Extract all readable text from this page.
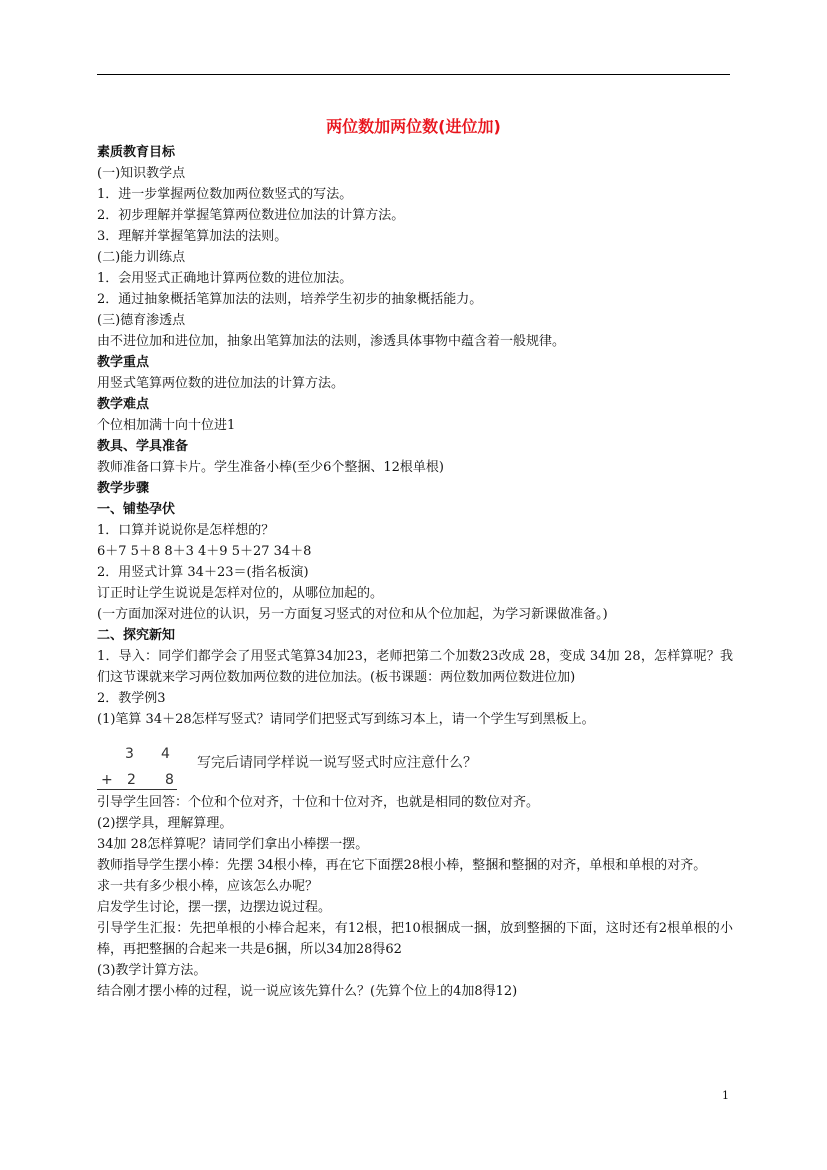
两位数加两位数(进位加)
素质教育目标
(一)知识教学点
1．进一步掌握两位数加两位数竖式的写法。
2．初步理解并掌握笔算两位数进位加法的计算方法。
3．理解并掌握笔算加法的法则。
(二)能力训练点
1．会用竖式正确地计算两位数的进位加法。
2．通过抽象概括笔算加法的法则，培养学生初步的抽象概括能力。
(三)德育渗透点
由不进位加和进位加，抽象出笔算加法的法则，渗透具体事物中蕴含着一般规律。
教学重点
用竖式笔算两位数的进位加法的计算方法。
教学难点
个位相加满十向十位进1
教具、学具准备
教师准备口算卡片。学生准备小棒(至少6个整捆、12根单根)
教学步骤
一、铺垫孕伏
1．口算并说说你是怎样想的？
6＋7 5＋8 8＋3 4＋9 5＋27 34＋8
2．用竖式计算 34＋23＝(指名板演)
订正时让学生说说是怎样对位的，从哪位加起的。
(一方面加深对进位的认识，另一方面复习竖式的对位和从个位加起，为学习新课做准备。)
二、探究新知
1．导入：同学们都学会了用竖式笔算34加23，老师把第二个加数23改成 28，变成 34加 28，怎样算呢？我们这节课就来学习两位数加两位数的进位加法。(板书课题：两位数加两位数进位加)
2．教学例3
(1)笔算 34＋28怎样写竖式？请同学们把竖式写到练习本上，请一个学生写到黑板上。
3 4
+ 2 8
写完后请同学样说一说写竖式时应注意什么？
引导学生回答：个位和个位对齐，十位和十位对齐，也就是相同的数位对齐。
(2)摆学具，理解算理。
34加 28怎样算呢？请同学们拿出小棒摆一摆。
教师指导学生摆小棒：先摆 34根小棒，再在它下面摆28根小棒，整捆和整捆的对齐，单根和单根的对齐。
求一共有多少根小棒，应该怎么办呢？
启发学生讨论，摆一摆，边摆边说过程。
引导学生汇报：先把单根的小棒合起来，有12根，把10根捆成一捆，放到整捆的下面，这时还有2根单根的小棒，再把整捆的合起来一共是6捆，所以34加28得62
(3)教学计算方法。
结合刚才摆小棒的过程，说一说应该先算什么？(先算个位上的4加8得12)
1
